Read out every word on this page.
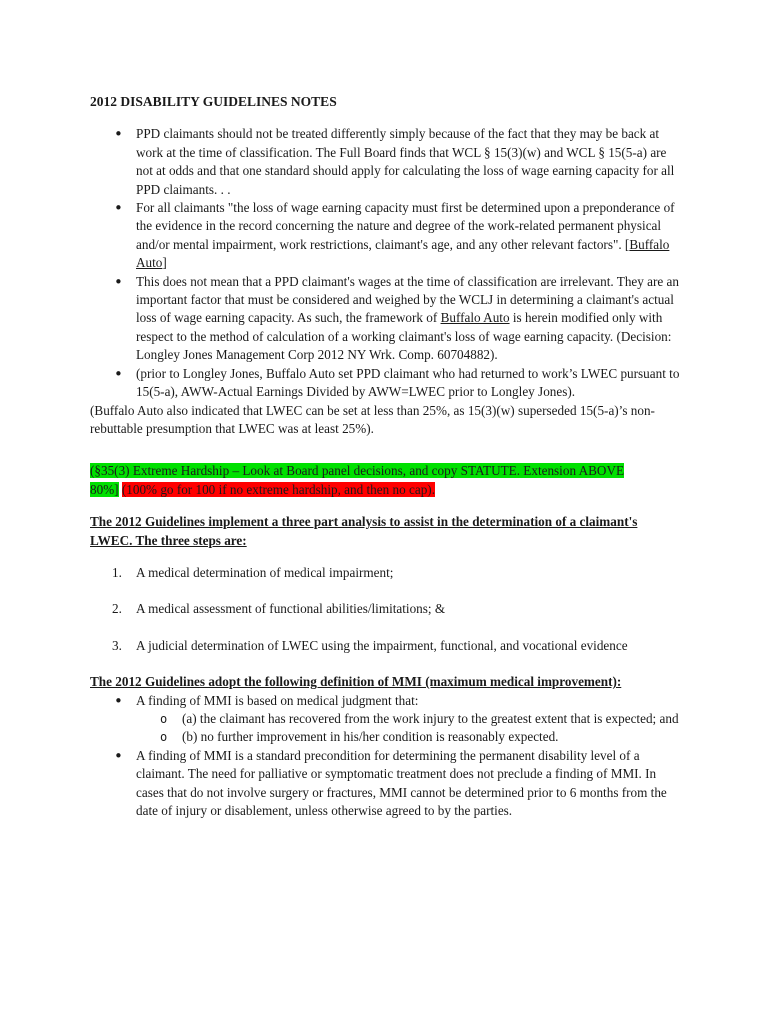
2012 DISABILITY GUIDELINES NOTES

• PPD claimants should not be treated differently simply because of the fact that they may be back at work at the time of classification. The Full Board finds that WCL § 15(3)(w) and WCL § 15(5-a) are not at odds and that one standard should apply for calculating the loss of wage earning capacity for all PPD claimants. . .
• For all claimants "the loss of wage earning capacity must first be determined upon a preponderance of the evidence in the record concerning the nature and degree of the work-related permanent physical and/or mental impairment, work restrictions, claimant's age, and any other relevant factors". [Buffalo Auto]
• This does not mean that a PPD claimant's wages at the time of classification are irrelevant. They are an important factor that must be considered and weighed by the WCLJ in determining a claimant's actual loss of wage earning capacity. As such, the framework of Buffalo Auto is herein modified only with respect to the method of calculation of a working claimant's loss of wage earning capacity. (Decision: Longley Jones Management Corp 2012 NY Wrk. Comp. 60704882).
• (prior to Longley Jones, Buffalo Auto set PPD claimant who had returned to work’s LWEC pursuant to 15(5-a), AWW-Actual Earnings Divided by AWW=LWEC prior to Longley Jones).

(Buffalo Auto also indicated that LWEC can be set at less than 25%, as 15(3)(w) superseded 15(5-a)’s non-rebuttable presumption that LWEC was at least 25%).

(§35(3) Extreme Hardship – Look at Board panel decisions, and copy STATUTE. Extension ABOVE 80%] (100% go for 100 if no extreme hardship, and then no cap).

The 2012 Guidelines implement a three part analysis to assist in the determination of a claimant's LWEC. The three steps are:

1. A medical determination of medical impairment;
2. A medical assessment of functional abilities/limitations; &
3. A judicial determination of LWEC using the impairment, functional, and vocational evidence

The 2012 Guidelines adopt the following definition of MMI (maximum medical improvement):

• A finding of MMI is based on medical judgment that:
o (a) the claimant has recovered from the work injury to the greatest extent that is expected; and
o (b) no further improvement in his/her condition is reasonably expected.
• A finding of MMI is a standard precondition for determining the permanent disability level of a claimant. The need for palliative or symptomatic treatment does not preclude a finding of MMI. In cases that do not involve surgery or fractures, MMI cannot be determined prior to 6 months from the date of injury or disablement, unless otherwise agreed to by the parties.
